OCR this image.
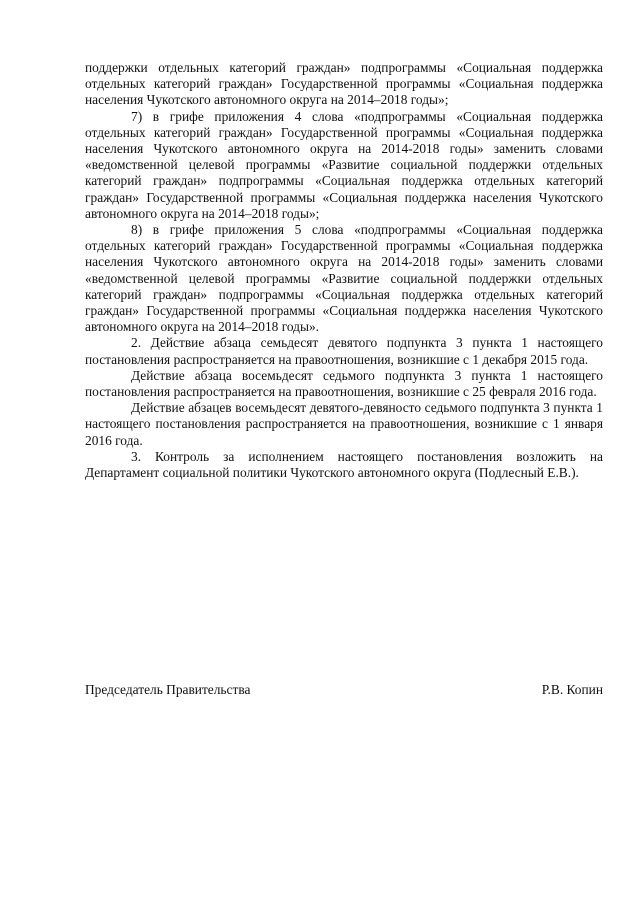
поддержки отдельных категорий граждан» подпрограммы «Социальная поддержка отдельных категорий граждан» Государственной программы «Социальная поддержка населения Чукотского автономного округа на 2014–2018 годы»;

7) в грифе приложения 4 слова «подпрограммы «Социальная поддержка отдельных категорий граждан» Государственной программы «Социальная поддержка населения Чукотского автономного округа на 2014-2018 годы» заменить словами «ведомственной целевой программы «Развитие социальной поддержки отдельных категорий граждан» подпрограммы «Социальная поддержка отдельных категорий граждан» Государственной программы «Социальная поддержка населения Чукотского автономного округа на 2014–2018 годы»;

8) в грифе приложения 5 слова «подпрограммы «Социальная поддержка отдельных категорий граждан» Государственной программы «Социальная поддержка населения Чукотского автономного округа на 2014-2018 годы» заменить словами «ведомственной целевой программы «Развитие социальной поддержки отдельных категорий граждан» подпрограммы «Социальная поддержка отдельных категорий граждан» Государственной программы «Социальная поддержка населения Чукотского автономного округа на 2014–2018 годы».

2. Действие абзаца семьдесят девятого подпункта 3 пункта 1 настоящего постановления распространяется на правоотношения, возникшие с 1 декабря 2015 года.

Действие абзаца восемьдесят седьмого подпункта 3 пункта 1 настоящего постановления распространяется на правоотношения, возникшие с 25 февраля 2016 года.

Действие абзацев восемьдесят девятого-девяносто седьмого подпункта 3 пункта 1 настоящего постановления распространяется на правоотношения, возникшие с 1 января 2016 года.

3. Контроль за исполнением настоящего постановления возложить на Департамент социальной политики Чукотского автономного округа (Подлесный Е.В.).

Председатель Правительства	Р.В. Копин
